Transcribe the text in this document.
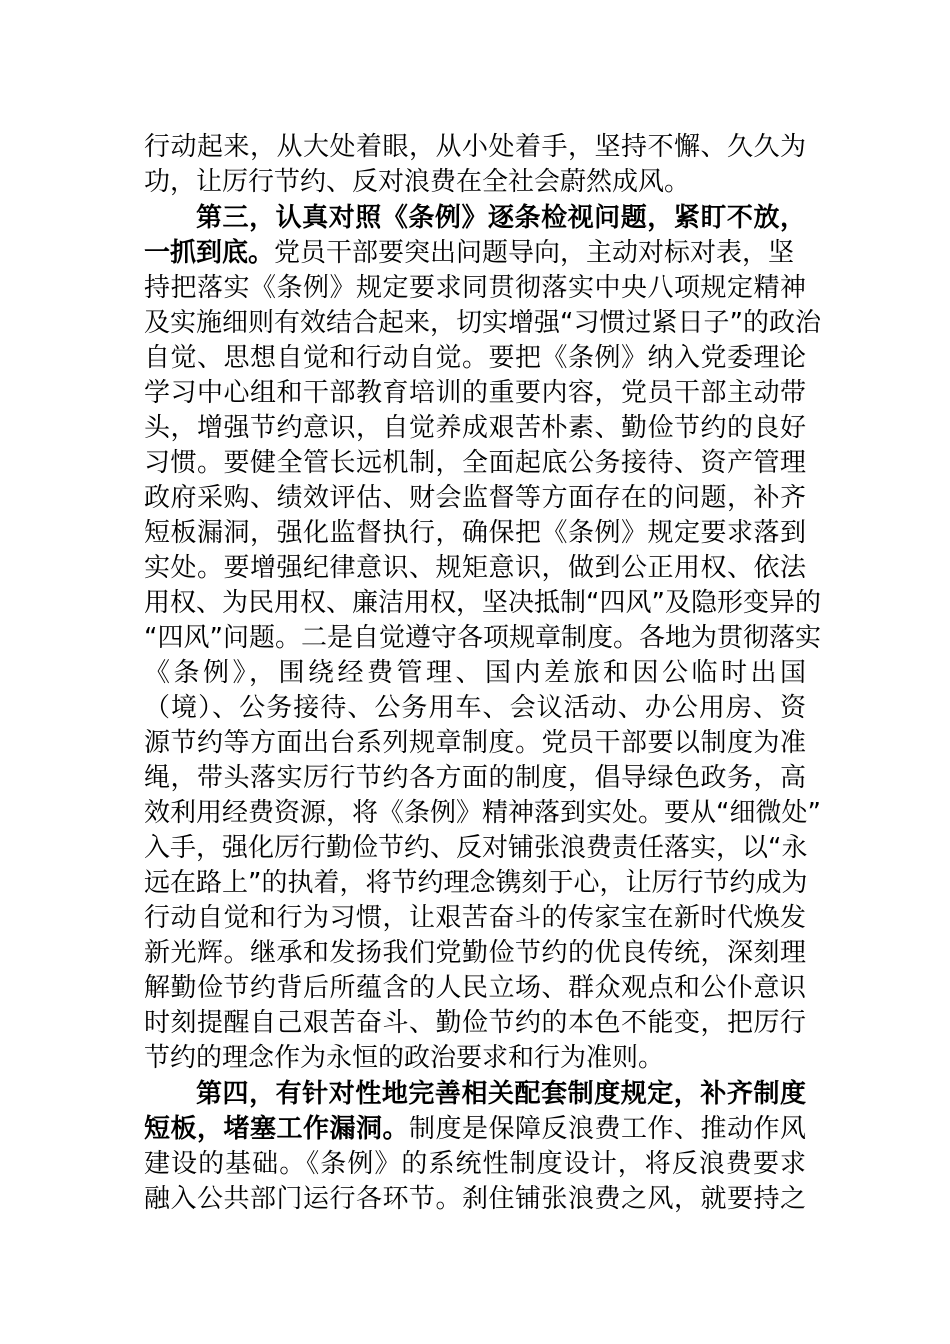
行动起来，从大处着眼，从小处着手，坚持不懈、久久为
功，让厉行节约、反对浪费在全社会蔚然成风。
第三，认真对照《条例》逐条检视问题，紧盯不放，
一抓到底。党员干部要突出问题导向，主动对标对表，坚
持把落实《条例》规定要求同贯彻落实中央八项规定精神
及实施细则有效结合起来，切实增强“习惯过紧日子”的政治
自觉、思想自觉和行动自觉。要把《条例》纳入党委理论
学习中心组和干部教育培训的重要内容，党员干部主动带
头，增强节约意识，自觉养成艰苦朴素、勤俭节约的良好
习惯。要健全管长远机制，全面起底公务接待、资产管理
政府采购、绩效评估、财会监督等方面存在的问题，补齐
短板漏洞，强化监督执行，确保把《条例》规定要求落到
实处。要增强纪律意识、规矩意识，做到公正用权、依法
用权、为民用权、廉洁用权，坚决抵制“四风”及隐形变异的
“四风”问题。二是自觉遵守各项规章制度。各地为贯彻落实
《条例》，围绕经费管理、国内差旅和因公临时出国
（境）、公务接待、公务用车、会议活动、办公用房、资
源节约等方面出台系列规章制度。党员干部要以制度为准
绳，带头落实厉行节约各方面的制度，倡导绿色政务，高
效利用经费资源，将《条例》精神落到实处。要从“细微处”
入手，强化厉行勤俭节约、反对铺张浪费责任落实，以“永
远在路上”的执着，将节约理念镌刻于心，让厉行节约成为
行动自觉和行为习惯，让艰苦奋斗的传家宝在新时代焕发
新光辉。继承和发扬我们党勤俭节约的优良传统，深刻理
解勤俭节约背后所蕴含的人民立场、群众观点和公仆意识
时刻提醒自己艰苦奋斗、勤俭节约的本色不能变，把厉行
节约的理念作为永恒的政治要求和行为准则。
第四，有针对性地完善相关配套制度规定，补齐制度
短板，堵塞工作漏洞。制度是保障反浪费工作、推动作风
建设的基础。《条例》的系统性制度设计，将反浪费要求
融入公共部门运行各环节。刹住铺张浪费之风，就要持之
